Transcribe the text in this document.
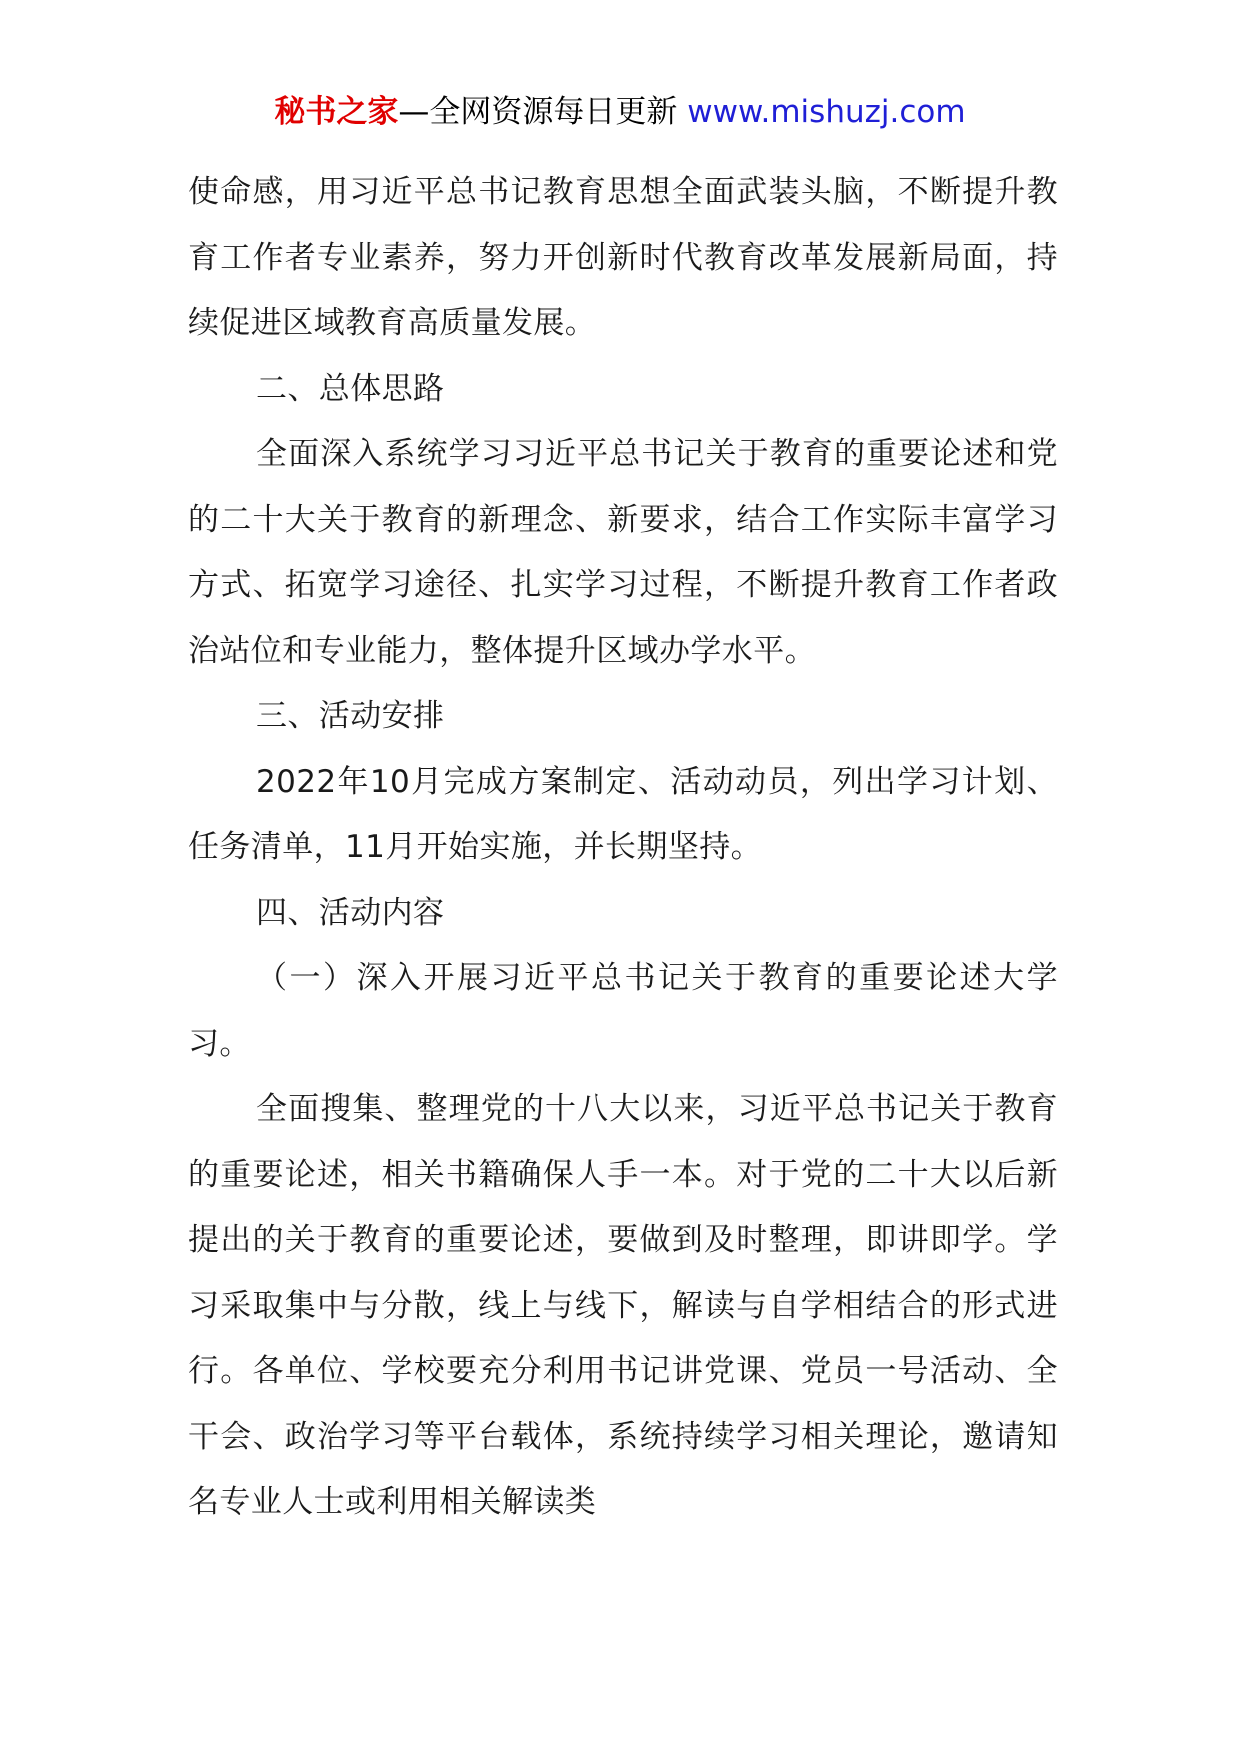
秘书之家—全网资源每日更新 www.mishuzj.com

使命感，用习近平总书记教育思想全面武装头脑，不断提升教育工作者专业素养，努力开创新时代教育改革发展新局面，持续促进区域教育高质量发展。

二、总体思路

全面深入系统学习习近平总书记关于教育的重要论述和党的二十大关于教育的新理念、新要求，结合工作实际丰富学习方式、拓宽学习途径、扎实学习过程，不断提升教育工作者政治站位和专业能力，整体提升区域办学水平。

三、活动安排

2022年10月完成方案制定、活动动员，列出学习计划、任务清单，11月开始实施，并长期坚持。

四、活动内容

（一）深入开展习近平总书记关于教育的重要论述大学习。

全面搜集、整理党的十八大以来，习近平总书记关于教育的重要论述，相关书籍确保人手一本。对于党的二十大以后新提出的关于教育的重要论述，要做到及时整理，即讲即学。学习采取集中与分散，线上与线下，解读与自学相结合的形式进行。各单位、学校要充分利用书记讲党课、党员一号活动、全干会、政治学习等平台载体，系统持续学习相关理论，邀请知名专业人士或利用相关解读类
